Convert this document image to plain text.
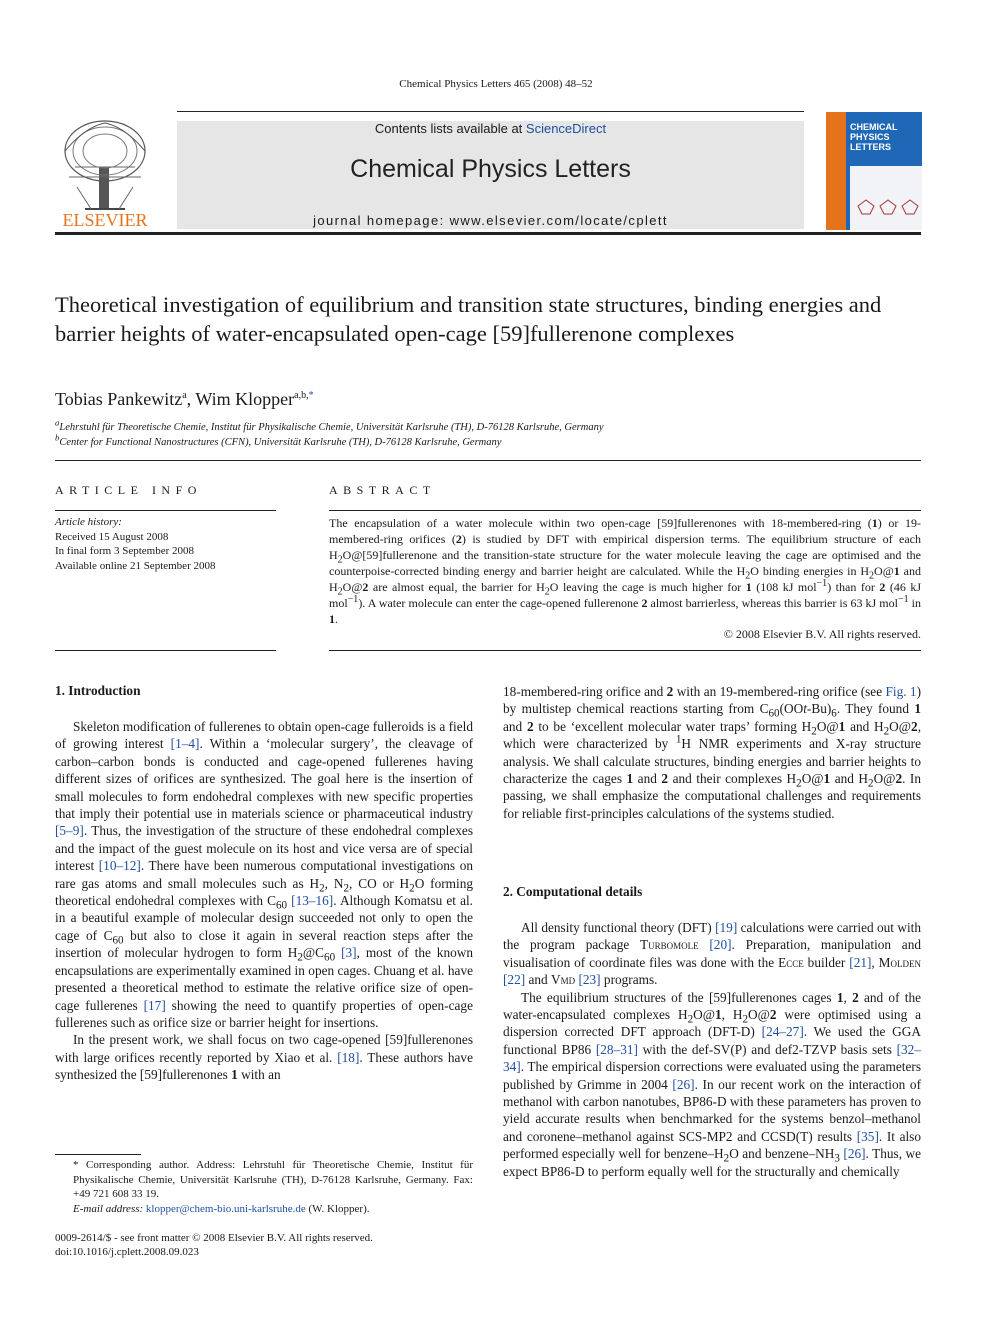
Chemical Physics Letters 465 (2008) 48–52
ELSEVIER
Contents lists available at ScienceDirect
Chemical Physics Letters
journal homepage: www.elsevier.com/locate/cplett
CHEMICAL
PHYSICS
LETTERS
Theoretical investigation of equilibrium and transition state structures, binding energies and barrier heights of water-encapsulated open-cage [59]fullerenone complexes
Tobias Pankewitz$^a$, Wim Klopper$^{a,b,*}$
$^a$Lehrstuhl für Theoretische Chemie, Institut für Physikalische Chemie, Universität Karlsruhe (TH), D-76128 Karlsruhe, Germany
$^b$Center for Functional Nanostructures (CFN), Universität Karlsruhe (TH), D-76128 Karlsruhe, Germany
ARTICLE INFO
Article history:
Received 15 August 2008
In final form 3 September 2008
Available online 21 September 2008
ABSTRACT
The encapsulation of a water molecule within two open-cage [59]fullerenones with 18-membered-ring (1) or 19-membered-ring orifices (2) is studied by DFT with empirical dispersion terms. The equilibrium structure of each $H_2O@[59]fullerenone$ and the transition-state structure for the water molecule leaving the cage are optimised and the counterpoise-corrected binding energy and barrier height are calculated. While the $H_2O$ binding energies in $H_2O@1$ and $H_2O@2$ are almost equal, the barrier for $H_2O$ leaving the cage is much higher for 1 (108 kJ mol$^{-1}$) than for 2 (46 kJ mol$^{-1}$). A water molecule can enter the cage-opened fullerenone 2 almost barrierless, whereas this barrier is 63 kJ mol$^{-1}$ in 1.
© 2008 Elsevier B.V. All rights reserved.
1. Introduction

Skeleton modification of fullerenes to obtain open-cage fulleroids is a field of growing interest [1–4]. Within a ‘molecular surgery’, the cleavage of carbon–carbon bonds is conducted and cage-opened fullerenes having different sizes of orifices are synthesized. The goal here is the insertion of small molecules to form endohedral complexes with new specific properties that imply their potential use in materials science or pharmaceutical industry [5–9]. Thus, the investigation of the structure of these endohedral complexes and the impact of the guest molecule on its host and vice versa are of special interest [10–12]. There have been numerous computational investigations on rare gas atoms and small molecules such as $H_2$, $N_2$, CO or $H_2O$ forming theoretical endohedral complexes with $C_{60}$ [13–16]. Although Komatsu et al. in a beautiful example of molecular design succeeded not only to open the cage of $C_{60}$ but also to close it again in several reaction steps after the insertion of molecular hydrogen to form $H_2@C_{60}$ [3], most of the known encapsulations are experimentally examined in open cages. Chuang et al. have presented a theoretical method to estimate the relative orifice size of open-cage fullerenes [17] showing the need to quantify properties of open-cage fullerenes such as orifice size or barrier height for insertions.

In the present work, we shall focus on two cage-opened [59]fullerenones with large orifices recently reported by Xiao et al. [18]. These authors have synthesized the [59]fullerenones 1 with an

18-membered-ring orifice and 2 with an 19-membered-ring orifice (see Fig. 1) by multistep chemical reactions starting from $C_{60}(OOt-Bu)_6$. They found 1 and 2 to be ‘excellent molecular water traps’ forming $H_2O@1$ and $H_2O@2$, which were characterized by $^1$H NMR experiments and X-ray structure analysis. We shall calculate structures, binding energies and barrier heights to characterize the cages 1 and 2 and their complexes $H_2O@1$ and $H_2O@2$. In passing, we shall emphasize the computational challenges and requirements for reliable first-principles calculations of the systems studied.

2. Computational details

All density functional theory (DFT) [19] calculations were carried out with the program package Turbomole [20]. Preparation, manipulation and visualisation of coordinate files was done with the Ecce builder [21], Molden [22] and Vmd [23] programs.

The equilibrium structures of the [59]fullerenones cages 1, 2 and of the water-encapsulated complexes $H_2O@1$, $H_2O@2$ were optimised using a dispersion corrected DFT approach (DFT-D) [24–27]. We used the GGA functional BP86 [28–31] with the def-SV(P) and def2-TZVP basis sets [32–34]. The empirical dispersion corrections were evaluated using the parameters published by Grimme in 2004 [26]. In our recent work on the interaction of methanol with carbon nanotubes, BP86-D with these parameters has proven to yield accurate results when benchmarked for the systems benzol–methanol and coronene–methanol against SCS-MP2 and CCSD(T) results [35]. It also performed especially well for benzene–$H_2O$ and benzene–$NH_3$ [26]. Thus, we expect BP86-D to perform equally well for the structurally and chemically

* Corresponding author. Address: Lehrstuhl für Theoretische Chemie, Institut für Physikalische Chemie, Universität Karlsruhe (TH), D-76128 Karlsruhe, Germany. Fax: +49 721 608 33 19.
E-mail address: klopper@chem-bio.uni-karlsruhe.de (W. Klopper).
0009-2614/$ - see front matter © 2008 Elsevier B.V. All rights reserved.
doi:10.1016/j.cplett.2008.09.023
